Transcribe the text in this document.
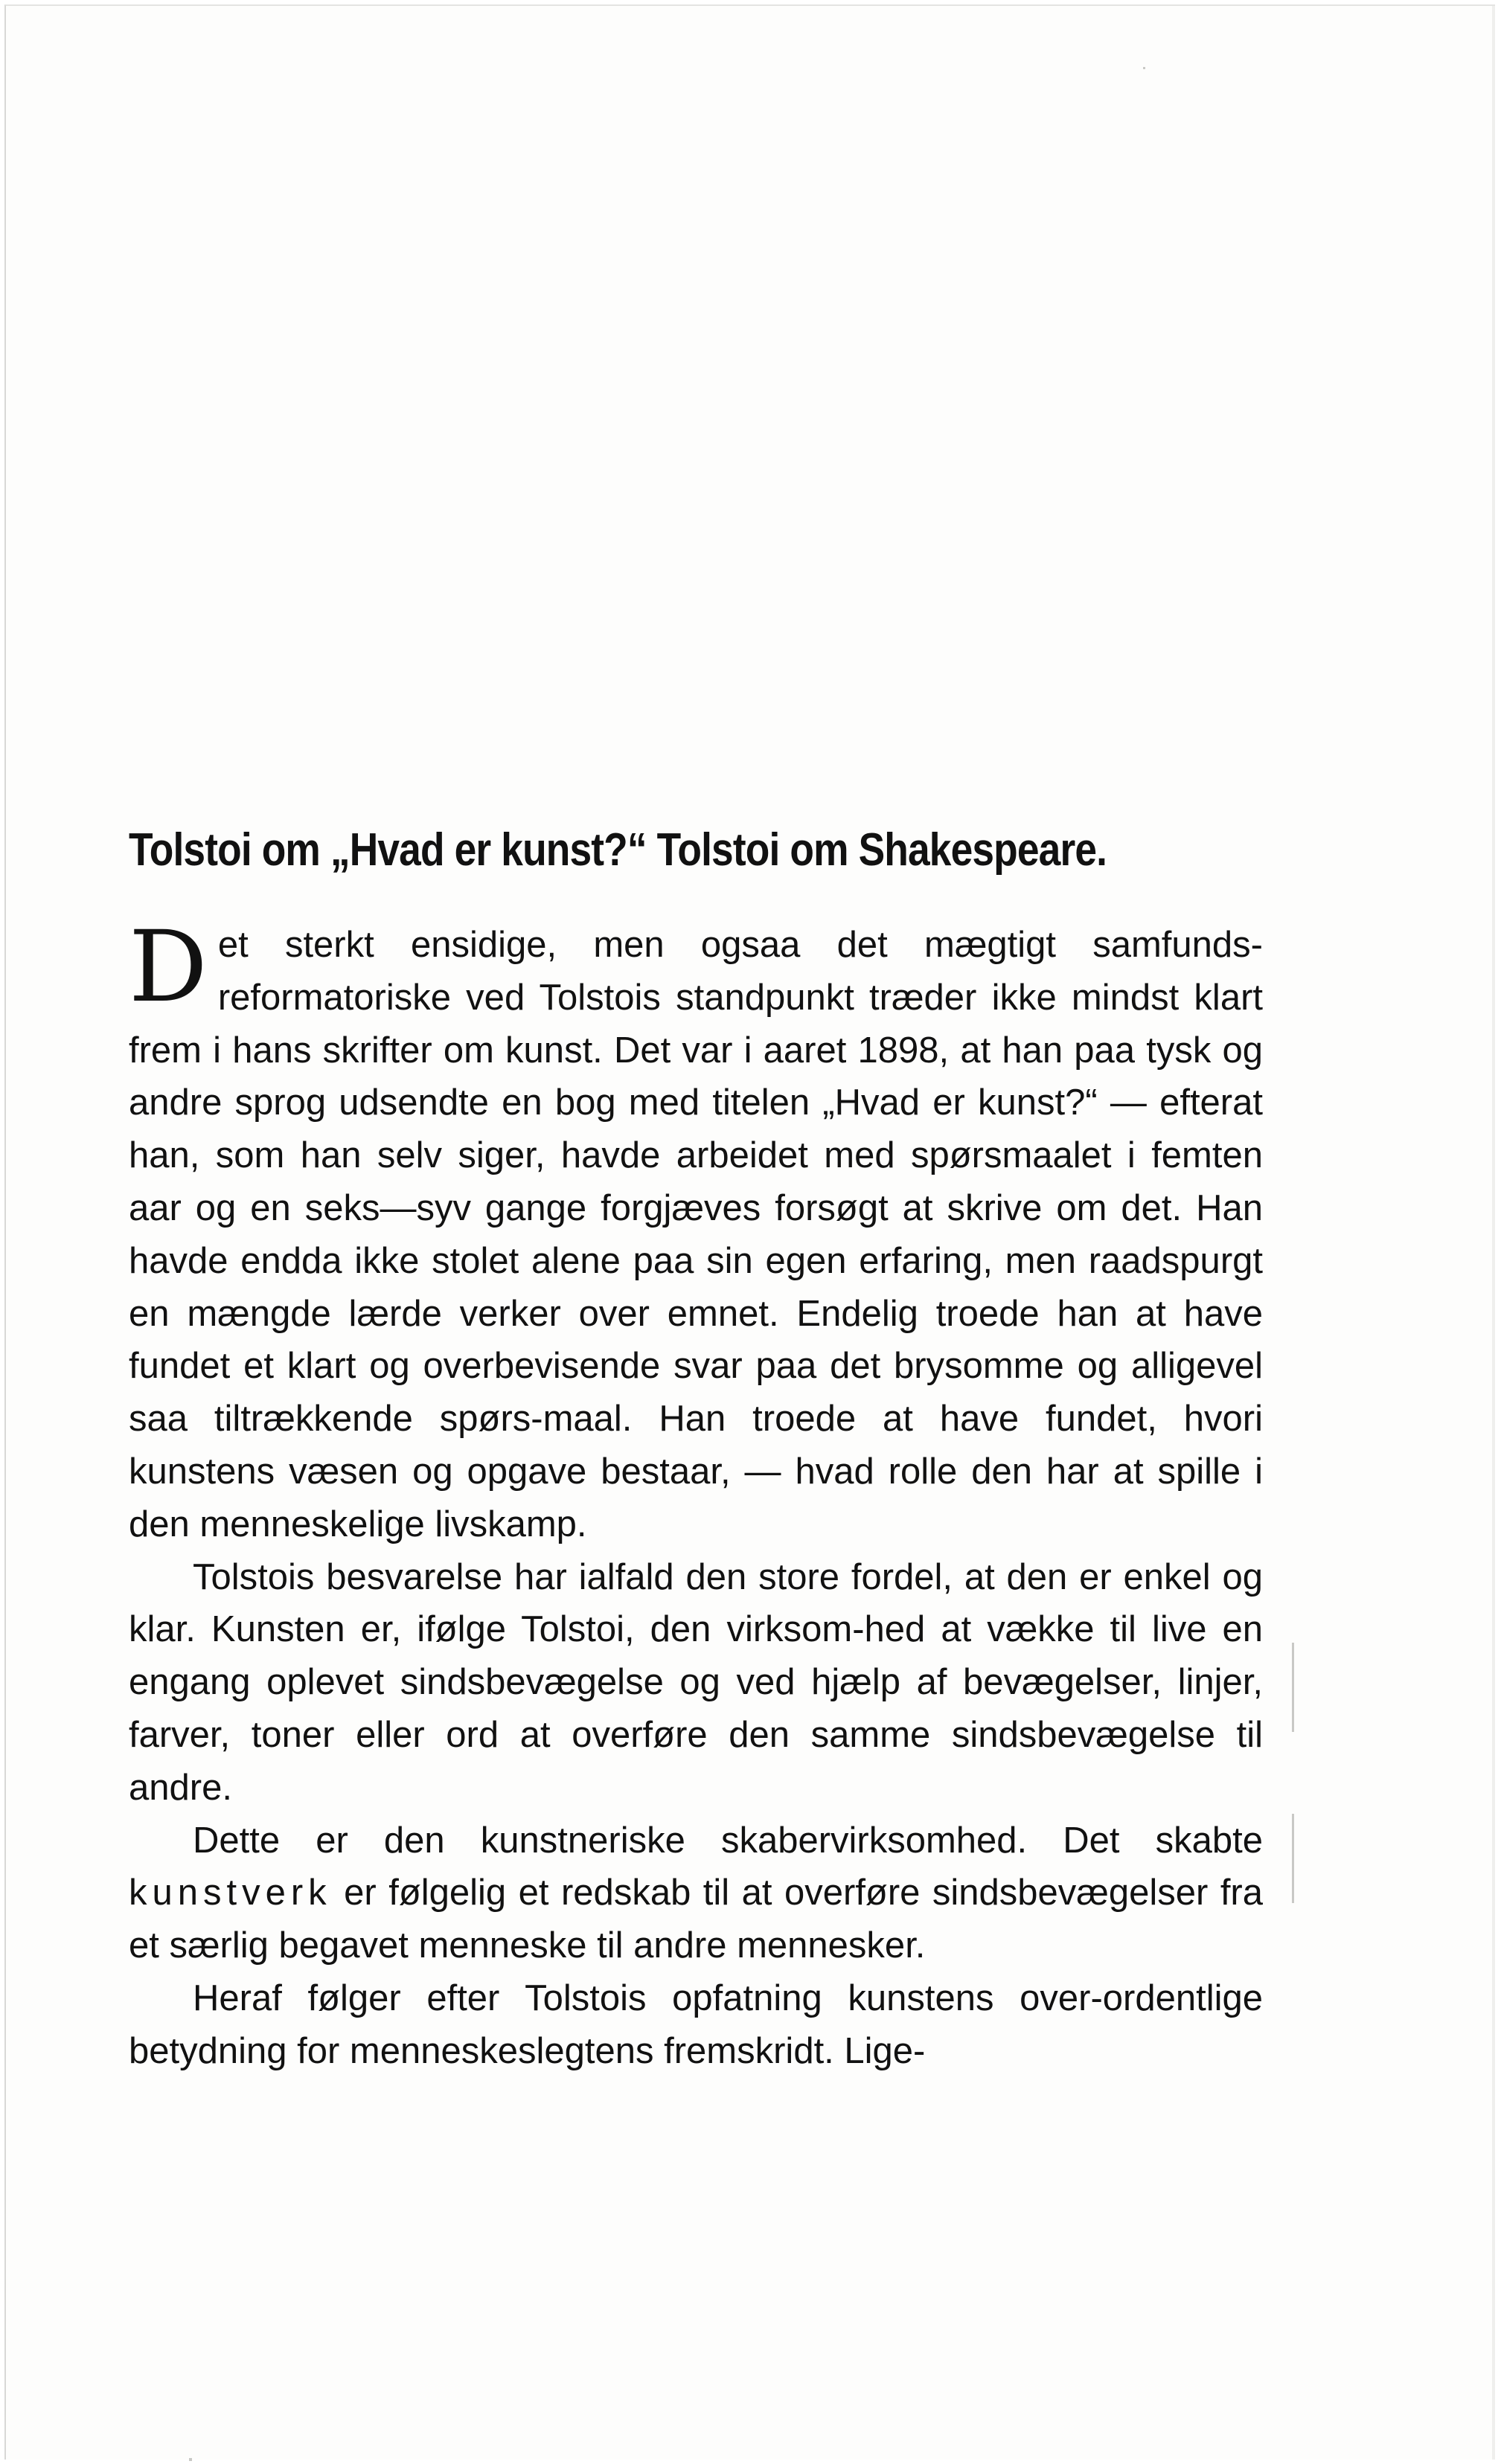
Tolstoi om „Hvad er kunst?“ Tolstoi om Shakespeare.

Det sterkt ensidige, men ogsaa det mægtigt samfunds-reformatoriske ved Tolstois standpunkt træder ikke mindst klart frem i hans skrifter om kunst. Det var i aaret 1898, at han paa tysk og andre sprog udsendte en bog med titelen „Hvad er kunst?“ — efterat han, som han selv siger, havde arbeidet med spørsmaalet i femten aar og en seks—syv gange forgjæves forsøgt at skrive om det. Han havde endda ikke stolet alene paa sin egen erfaring, men raadspurgt en mængde lærde verker over emnet. Endelig troede han at have fundet et klart og overbevisende svar paa det brysomme og alligevel saa tiltrækkende spørs-maal. Han troede at have fundet, hvori kunstens væsen og opgave bestaar, — hvad rolle den har at spille i den menneskelige livskamp.

Tolstois besvarelse har ialfald den store fordel, at den er enkel og klar. Kunsten er, ifølge Tolstoi, den virksom-hed at vække til live en engang oplevet sindsbevægelse og ved hjælp af bevægelser, linjer, farver, toner eller ord at overføre den samme sindsbevægelse til andre.

Dette er den kunstneriske skabervirksomhed. Det skabte kunstverk er følgelig et redskab til at overføre sindsbevægelser fra et særlig begavet menneske til andre mennesker.

Heraf følger efter Tolstois opfatning kunstens over-ordentlige betydning for menneskeslegtens fremskridt. Lige-
